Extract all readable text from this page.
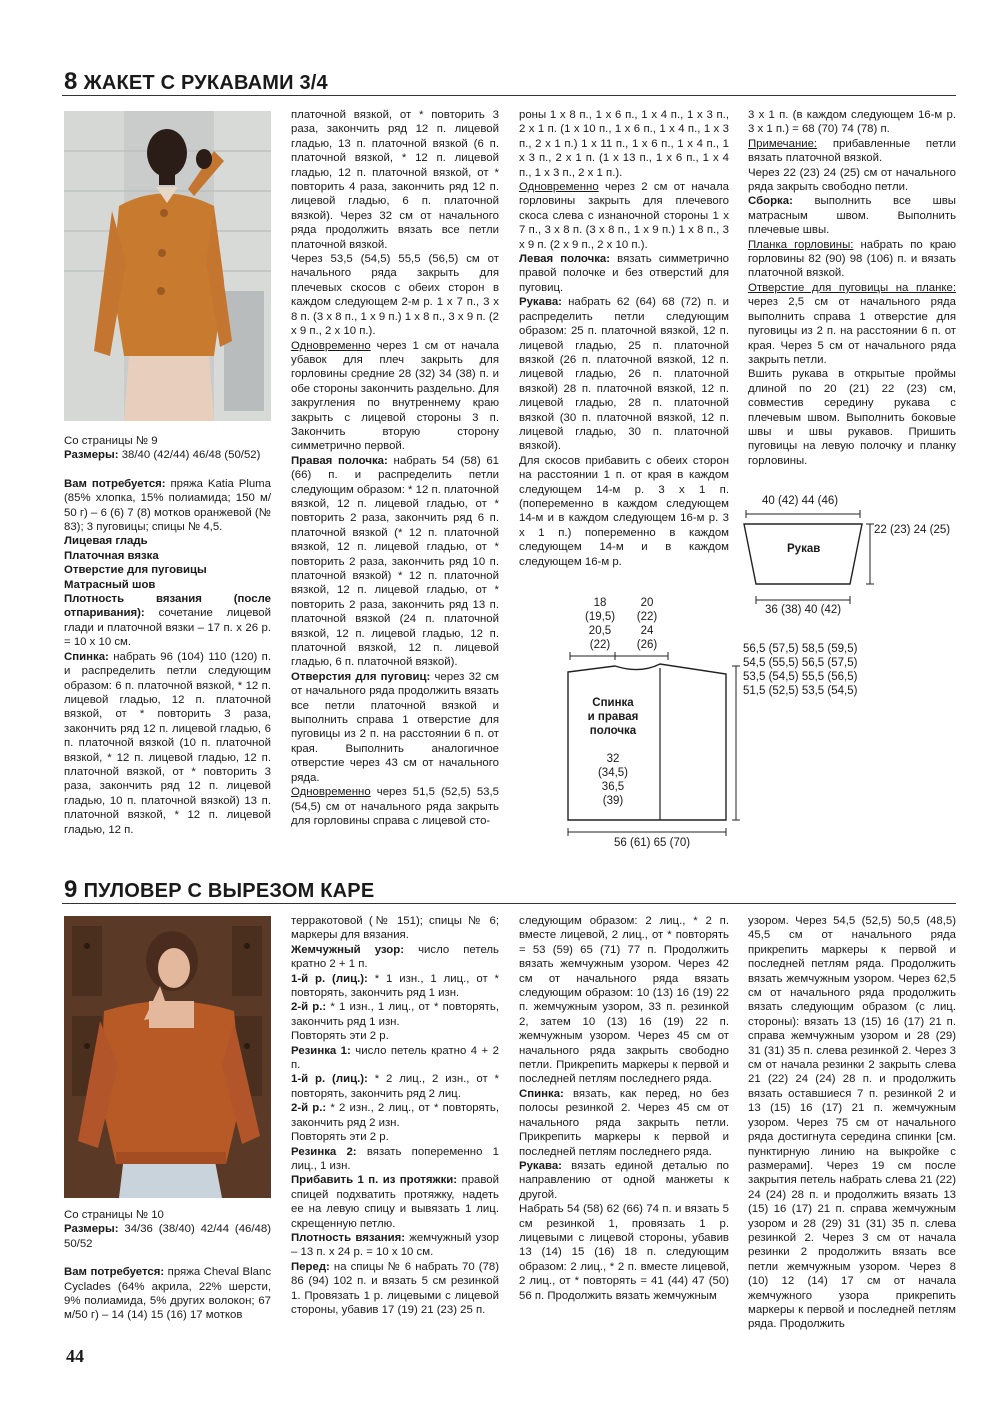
8 ЖАКЕТ С РУКАВАМИ 3/4

Со страницы № 9

Размеры: 38/40 (42/44) 46/48 (50/52)

Вам потребуется: пряжа Katia Pluma (85% хлопка, 15% полиамида; 150 м/ 50 г) – 6 (6) 7 (8) мотков оранжевой (№ 83); 3 пуговицы; спицы № 4,5.

Лицевая гладь

Платочная вязка

Отверстие для пуговицы

Матрасный шов

Плотность вязания (после отпаривания): сочетание лицевой глади и платочной вязки – 17 п. х 26 р. = 10 х 10 см.

Спинка: набрать 96 (104) 110 (120) п. и распределить петли следующим образом: 6 п. платочной вязкой, * 12 п. лицевой гладью, 12 п. платочной вязкой, от * повторить 3 раза, закончить ряд 12 п. лицевой гладью, 6 п. платочной вязкой (10 п. платочной вязкой, * 12 п. лицевой гладью, 12 п. платочной вязкой, от * повторить 3 раза, закончить ряд 12 п. лицевой гладью, 10 п. платочной вязкой) 13 п. платочной вязкой, * 12 п. лицевой гладью, 12 п.

платочной вязкой, от * повторить 3 раза, закончить ряд 12 п. лицевой гладью, 13 п. платочной вязкой (6 п. платочной вязкой, * 12 п. лицевой гладью, 12 п. платочной вязкой, от * повторить 4 раза, закончить ряд 12 п. лицевой гладью, 6 п. платочной вязкой). Через 32 см от начального ряда продолжить вязать все петли платочной вязкой.

Через 53,5 (54,5) 55,5 (56,5) см от начального ряда закрыть для плечевых скосов с обеих сторон в каждом следующем 2-м р. 1 х 7 п., 3 х 8 п. (3 х 8 п., 1 х 9 п.) 1 х 8 п., 3 х 9 п. (2 х 9 п., 2 х 10 п.).

Одновременно через 1 см от начала убавок для плеч закрыть для горловины средние 28 (32) 34 (38) п. и обе стороны закончить раздельно. Для закругления по внутреннему краю закрыть с лицевой стороны 3 п. Закончить вторую сторону симметрично первой.

Правая полочка: набрать 54 (58) 61 (66) п. и распределить петли следующим образом: * 12 п. платочной вязкой, 12 п. лицевой гладью, от * повторить 2 раза, закончить ряд 6 п. платочной вязкой (* 12 п. платочной вязкой, 12 п. лицевой гладью, от * повторить 2 раза, закончить ряд 10 п. платочной вязкой) * 12 п. платочной вязкой, 12 п. лицевой гладью, от * повторить 2 раза, закончить ряд 13 п. платочной вязкой (24 п. платочной вязкой, 12 п. лицевой гладью, 12 п. платочной вязкой, 12 п. лицевой гладью, 6 п. платочной вязкой).

Отверстия для пуговиц: через 32 см от начального ряда продолжить вязать все петли платочной вязкой и выполнить справа 1 отверстие для пуговицы из 2 п. на расстоянии 6 п. от края. Выполнить аналогичное отверстие через 43 см от начального ряда.

Одновременно через 51,5 (52,5) 53,5 (54,5) см от начального ряда закрыть для горловины справа с лицевой сто-

роны 1 х 8 п., 1 х 6 п., 1 х 4 п., 1 х 3 п., 2 х 1 п. (1 х 10 п., 1 х 6 п., 1 х 4 п., 1 х 3 п., 2 х 1 п.) 1 х 11 п., 1 х 6 п., 1 х 4 п., 1 х 3 п., 2 х 1 п. (1 х 13 п., 1 х 6 п., 1 х 4 п., 1 х 3 п., 2 х 1 п.).

Одновременно через 2 см от начала горловины закрыть для плечевого скоса слева с изнаночной стороны 1 х 7 п., 3 х 8 п. (3 х 8 п., 1 х 9 п.) 1 х 8 п., 3 х 9 п. (2 х 9 п., 2 х 10 п.).

Левая полочка: вязать симметрично правой полочке и без отверстий для пуговиц.

Рукава: набрать 62 (64) 68 (72) п. и распределить петли следующим образом: 25 п. платочной вязкой, 12 п. лицевой гладью, 25 п. платочной вязкой (26 п. платочной вязкой, 12 п. лицевой гладью, 26 п. платочной вязкой) 28 п. платочной вязкой, 12 п. лицевой гладью, 28 п. платочной вязкой (30 п. платочной вязкой, 12 п. лицевой гладью, 30 п. платочной вязкой).

Для скосов прибавить с обеих сторон на расстоянии 1 п. от края в каждом следующем 14-м р. 3 х 1 п. (попеременно в каждом следующем 14-м и в каждом следующем 16-м р. 3 х 1 п.) попеременно в каждом следующем 14-м и в каждом следующем 16-м р.

3 х 1 п. (в каждом следующем 16-м р. 3 х 1 п.) = 68 (70) 74 (78) п.

Примечание: прибавленные петли вязать платочной вязкой.

Через 22 (23) 24 (25) см от начального ряда закрыть свободно петли.

Сборка: выполнить все швы матрасным швом. Выполнить плечевые швы.

Планка горловины: набрать по краю горловины 82 (90) 98 (106) п. и вязать платочной вязкой.

Отверстие для пуговицы на планке: через 2,5 см от начального ряда выполнить справа 1 отверстие для пуговицы из 2 п. на расстоянии 6 п. от края. Через 5 см от начального ряда закрыть петли.

Вшить рукава в открытые проймы длиной по 20 (21) 22 (23) см, совместив середину рукава с плечевым швом. Выполнить боковые швы и швы рукавов. Пришить пуговицы на левую полочку и планку горловины.

40 (42) 44 (46)
Рукав
22 (23) 24 (25)
36 (38) 40 (42)
18
(19,5)
20,5
(22)
20
(22)
24
(26)
Спинка
и правая
полочка
32
(34,5)
36,5
(39)
56,5 (57,5) 58,5 (59,5)
54,5 (55,5) 56,5 (57,5)
53,5 (54,5) 55,5 (56,5)
51,5 (52,5) 53,5 (54,5)
56 (61) 65 (70)
9 ПУЛОВЕР С ВЫРЕЗОМ КАРЕ

Со страницы № 10

Размеры: 34/36 (38/40) 42/44 (46/48) 50/52

Вам потребуется: пряжа Cheval Blanc Cyclades (64% акрила, 22% шерсти, 9% полиамида, 5% других волокон; 67 м/50 г) – 14 (14) 15 (16) 17 мотков

терракотовой (№ 151); спицы № 6; маркеры для вязания.

Жемчужный узор: число петель кратно 2 + 1 п.

1-й р. (лиц.): * 1 изн., 1 лиц., от * повторять, закончить ряд 1 изн.

2-й р.: * 1 изн., 1 лиц., от * повторять, закончить ряд 1 изн.

Повторять эти 2 р.

Резинка 1: число петель кратно 4 + 2 п.

1-й р. (лиц.): * 2 лиц., 2 изн., от * повторять, закончить ряд 2 лиц.

2-й р.: * 2 изн., 2 лиц., от * повторять, закончить ряд 2 изн.

Повторять эти 2 р.

Резинка 2: вязать попеременно 1 лиц., 1 изн.

Прибавить 1 п. из протяжки: правой спицей подхватить протяжку, надеть ее на левую спицу и вывязать 1 лиц. скрещенную петлю.

Плотность вязания: жемчужный узор – 13 п. х 24 р. = 10 х 10 см.

Перед: на спицы № 6 набрать 70 (78) 86 (94) 102 п. и вязать 5 см резинкой 1. Провязать 1 р. лицевыми с лицевой стороны, убавив 17 (19) 21 (23) 25 п.

следующим образом: 2 лиц., * 2 п. вместе лицевой, 2 лиц., от * повторять = 53 (59) 65 (71) 77 п. Продолжить вязать жемчужным узором. Через 42 см от начального ряда вязать следующим образом: 10 (13) 16 (19) 22 п. жемчужным узором, 33 п. резинкой 2, затем 10 (13) 16 (19) 22 п. жемчужным узором. Через 45 см от начального ряда закрыть свободно петли. Прикрепить маркеры к первой и последней петлям последнего ряда.

Спинка: вязать, как перед, но без полосы резинкой 2. Через 45 см от начального ряда закрыть петли. Прикрепить маркеры к первой и последней петлям последнего ряда.

Рукава: вязать единой деталью по направлению от одной манжеты к другой.

Набрать 54 (58) 62 (66) 74 п. и вязать 5 см резинкой 1, провязать 1 р. лицевыми с лицевой стороны, убавив 13 (14) 15 (16) 18 п. следующим образом: 2 лиц., * 2 п. вместе лицевой, 2 лиц., от * повторять = 41 (44) 47 (50) 56 п. Продолжить вязать жемчужным

узором. Через 54,5 (52,5) 50,5 (48,5) 45,5 см от начального ряда прикрепить маркеры к первой и последней петлям ряда. Продолжить вязать жемчужным узором. Через 62,5 см от начального ряда продолжить вязать следующим образом (с лиц. стороны): вязать 13 (15) 16 (17) 21 п. справа жемчужным узором и 28 (29) 31 (31) 35 п. слева резинкой 2. Через 3 см от начала резинки 2 закрыть слева 21 (22) 24 (24) 28 п. и продолжить вязать оставшиеся 7 п. резинкой 2 и 13 (15) 16 (17) 21 п. жемчужным узором. Через 75 см от начального ряда достигнута середина спинки [см. пунктирную линию на выкройке с размерами]. Через 19 см после закрытия петель набрать слева 21 (22) 24 (24) 28 п. и продолжить вязать 13 (15) 16 (17) 21 п. справа жемчужным узором и 28 (29) 31 (31) 35 п. слева резинкой 2. Через 3 см от начала резинки 2 продолжить вязать все петли жемчужным узором. Через 8 (10) 12 (14) 17 см от начала жемчужного узора прикрепить маркеры к первой и последней петлям ряда. Продолжить

44
